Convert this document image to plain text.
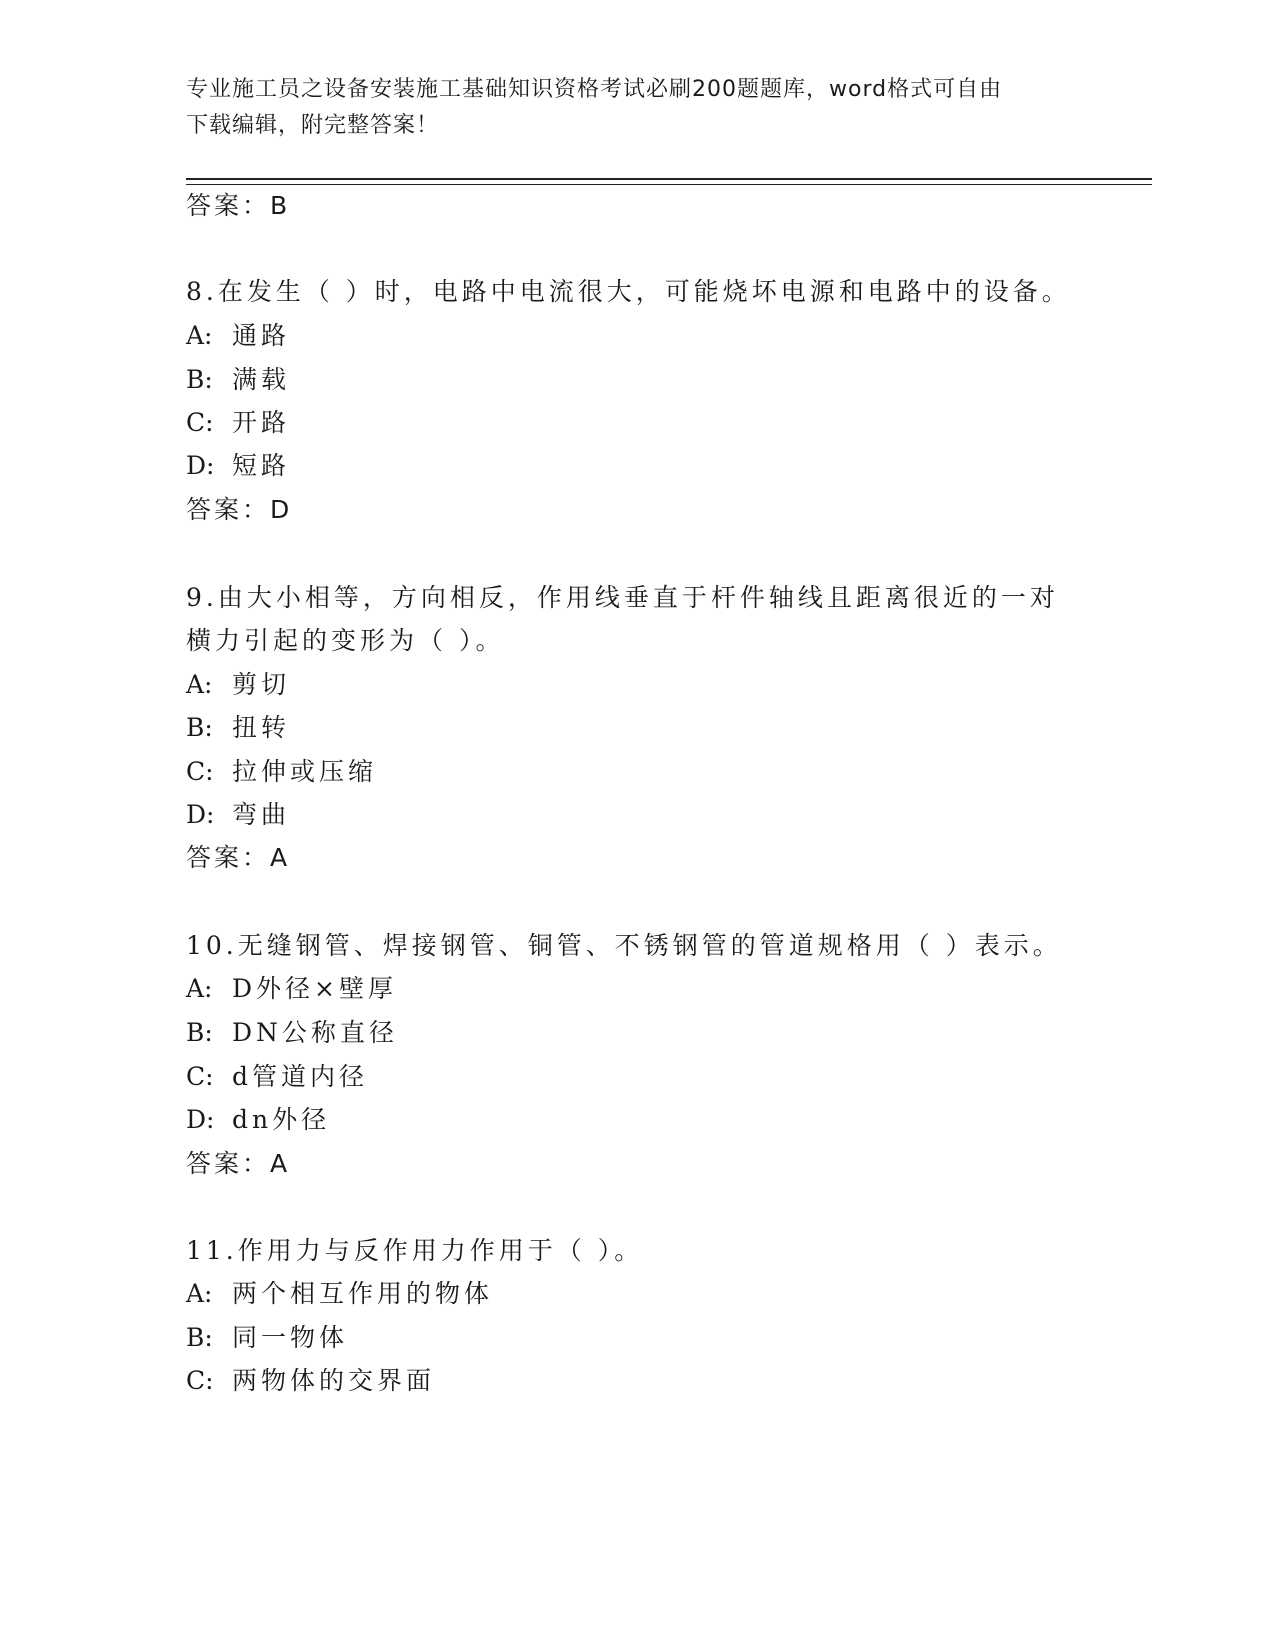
专业施工员之设备安装施工基础知识资格考试必刷200题题库，word格式可自由
下载编辑，附完整答案！
答案：B
8.在发生（ ）时，电路中电流很大，可能烧坏电源和电路中的设备。
A: 通路
B: 满载
C: 开路
D: 短路
答案：D
9.由大小相等，方向相反，作用线垂直于杆件轴线且距离很近的一对
横力引起的变形为（ ）。
A: 剪切
B: 扭转
C: 拉伸或压缩
D: 弯曲
答案：A
10.无缝钢管、焊接钢管、铜管、不锈钢管的管道规格用（ ）表示。
A: D外径×壁厚
B: DN公称直径
C: d管道内径
D: dn外径
答案：A
11.作用力与反作用力作用于（ ）。
A: 两个相互作用的物体
B: 同一物体
C: 两物体的交界面
